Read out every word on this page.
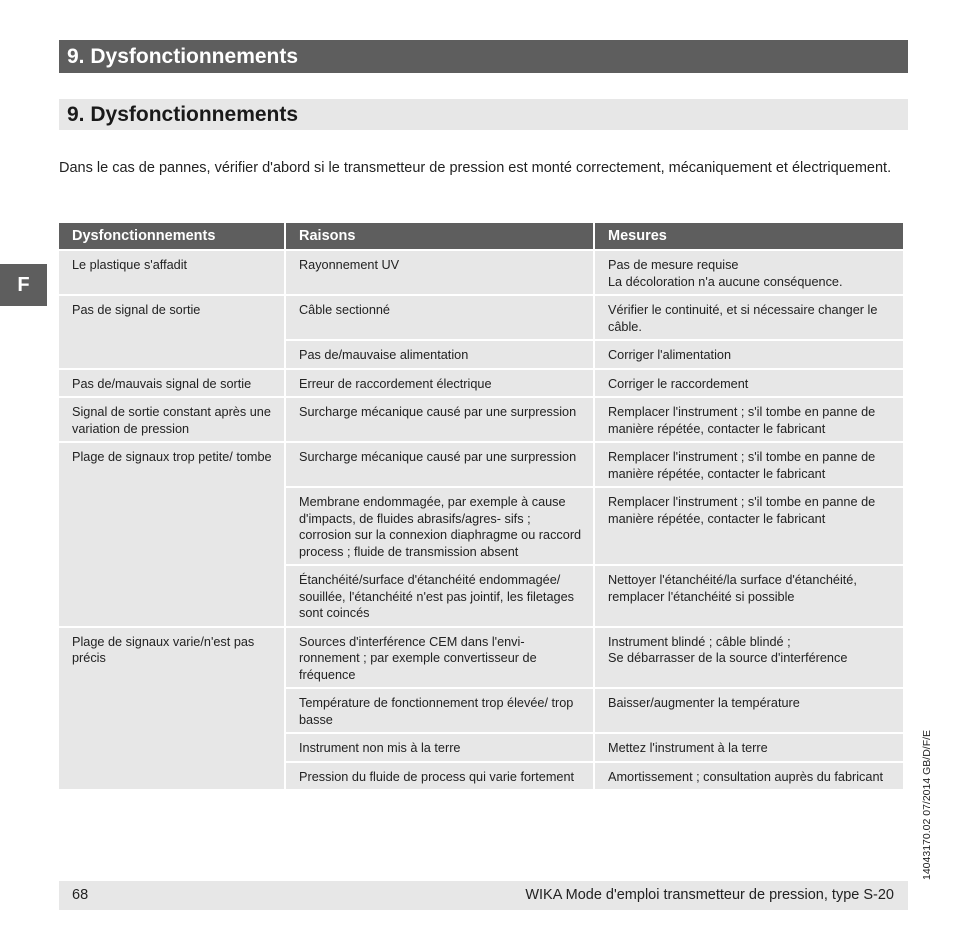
9. Dysfonctionnements
9. Dysfonctionnements
Dans le cas de pannes, vérifier d'abord si le transmetteur de pression est monté correctement, mécaniquement et électriquement.
F
14043170.02 07/2014 GB/D/F/E
Dysfonctionnements	Raisons	Mesures
Le plastique s'affadit	Rayonnement UV	Pas de mesure requise
La décoloration n'a aucune conséquence.
Pas de signal de sortie	Câble sectionné	Vérifier le continuité, et si nécessaire changer le câble.
	Pas de/mauvaise alimentation	Corriger l'alimentation
Pas de/mauvais signal de sortie	Erreur de raccordement électrique	Corriger le raccordement
Signal de sortie constant après une variation de pression	Surcharge mécanique causé par une surpression	Remplacer l'instrument ; s'il tombe en panne de manière répétée, contacter le fabricant
Plage de signaux trop petite/ tombe	Surcharge mécanique causé par une surpression	Remplacer l'instrument ; s'il tombe en panne de manière répétée, contacter le fabricant
	Membrane endommagée, par exemple à cause d'impacts, de fluides abrasifs/agres- sifs ; corrosion sur la connexion diaphragme ou raccord process ; fluide de transmission absent	Remplacer l'instrument ; s'il tombe en panne de manière répétée, contacter le fabricant
	Étanchéité/surface d'étanchéité endommagée/ souillée, l'étanchéité n'est pas jointif, les filetages sont coincés	Nettoyer l'étanchéité/la surface d'étanchéité, remplacer l'étanchéité si possible
Plage de signaux varie/n'est pas précis	Sources d'interférence CEM dans l'envi- ronnement ; par exemple convertisseur de fréquence	Instrument blindé ; câble blindé ;
Se débarrasser de la source d'interférence
	Température de fonctionnement trop élevée/ trop basse	Baisser/augmenter la température
	Instrument non mis à la terre	Mettez l'instrument à la terre
	Pression du fluide de process qui varie fortement	Amortissement ; consultation auprès du fabricant
68	WIKA Mode d'emploi transmetteur de pression, type S-20
